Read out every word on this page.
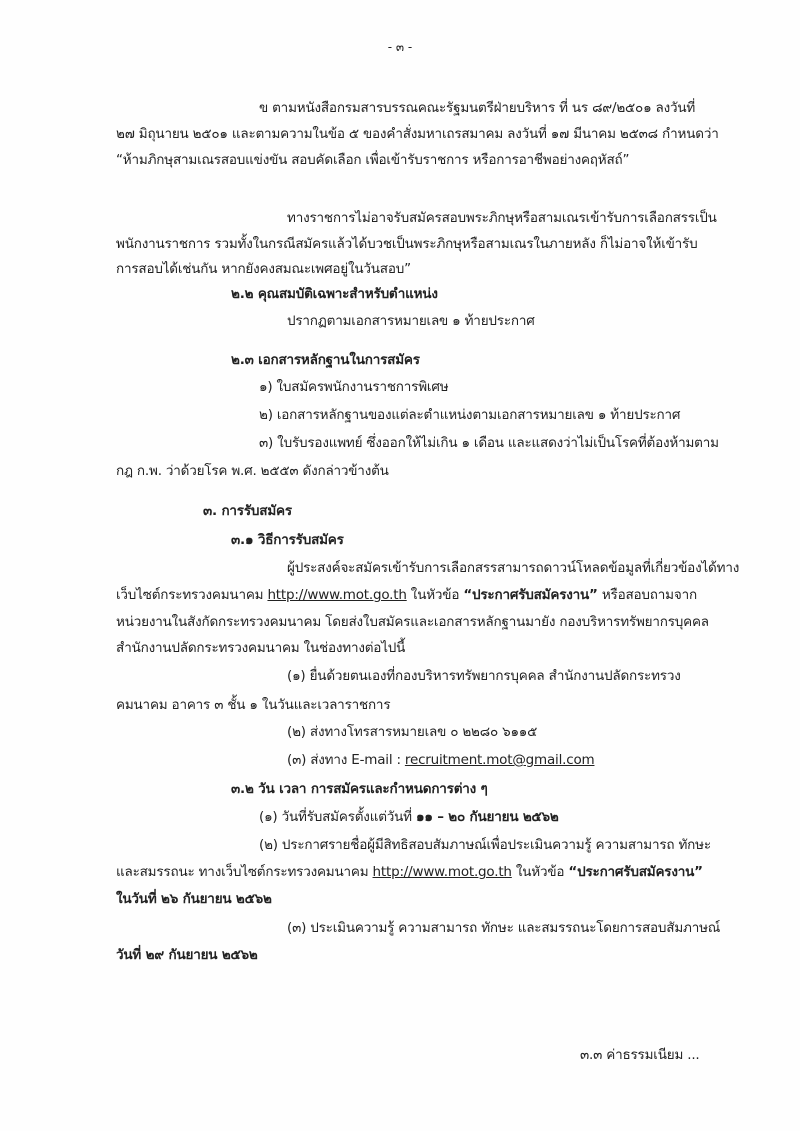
- ๓ -
ข ตามหนังสือกรมสารบรรณคณะรัฐมนตรีฝ่ายบริหาร ที่ นร ๘๙/๒๕๐๑ ลงวันที่
๒๗ มิถุนายน ๒๕๐๑ และตามความในข้อ ๕ ของคำสั่งมหาเถรสมาคม ลงวันที่ ๑๗ มีนาคม ๒๕๓๘ กำหนดว่า
“ห้ามภิกษุสามเณรสอบแข่งขัน สอบคัดเลือก เพื่อเข้ารับราชการ หรือการอาชีพอย่างคฤหัสถ์”
ทางราชการไม่อาจรับสมัครสอบพระภิกษุหรือสามเณรเข้ารับการเลือกสรรเป็น
พนักงานราชการ รวมทั้งในกรณีสมัครแล้วได้บวชเป็นพระภิกษุหรือสามเณรในภายหลัง ก็ไม่อาจให้เข้ารับ
การสอบได้เช่นกัน หากยังคงสมณะเพศอยู่ในวันสอบ”
๒.๒ คุณสมบัติเฉพาะสำหรับตำแหน่ง
ปรากฏตามเอกสารหมายเลข ๑ ท้ายประกาศ
๒.๓ เอกสารหลักฐานในการสมัคร
๑) ใบสมัครพนักงานราชการพิเศษ
๒) เอกสารหลักฐานของแต่ละตำแหน่งตามเอกสารหมายเลข ๑ ท้ายประกาศ
๓) ใบรับรองแพทย์ ซึ่งออกให้ไม่เกิน ๑ เดือน และแสดงว่าไม่เป็นโรคที่ต้องห้ามตาม
กฎ ก.พ. ว่าด้วยโรค พ.ศ. ๒๕๕๓ ดังกล่าวข้างต้น
๓. การรับสมัคร
๓.๑ วิธีการรับสมัคร
ผู้ประสงค์จะสมัครเข้ารับการเลือกสรรสามารถดาวน์โหลดข้อมูลที่เกี่ยวข้องได้ทาง
เว็บไซต์กระทรวงคมนาคม http://www.mot.go.th ในหัวข้อ “ประกาศรับสมัครงาน” หรือสอบถามจาก
หน่วยงานในสังกัดกระทรวงคมนาคม โดยส่งใบสมัครและเอกสารหลักฐานมายัง กองบริหารทรัพยากรบุคคล
สำนักงานปลัดกระทรวงคมนาคม ในช่องทางต่อไปนี้
(๑) ยื่นด้วยตนเองที่กองบริหารทรัพยากรบุคคล สำนักงานปลัดกระทรวง
คมนาคม อาคาร ๓ ชั้น ๑ ในวันและเวลาราชการ
(๒) ส่งทางโทรสารหมายเลข ๐ ๒๒๘๐ ๖๑๑๕
(๓) ส่งทาง E-mail : recruitment.mot@gmail.com
๓.๒ วัน เวลา การสมัครและกำหนดการต่าง ๆ
(๑) วันที่รับสมัครตั้งแต่วันที่ ๑๑ – ๒๐ กันยายน ๒๕๖๒
(๒) ประกาศรายชื่อผู้มีสิทธิสอบสัมภาษณ์เพื่อประเมินความรู้ ความสามารถ ทักษะ
และสมรรถนะ ทางเว็บไซต์กระทรวงคมนาคม http://www.mot.go.th ในหัวข้อ “ประกาศรับสมัครงาน”
ในวันที่ ๒๖ กันยายน ๒๕๖๒
(๓) ประเมินความรู้ ความสามารถ ทักษะ และสมรรถนะโดยการสอบสัมภาษณ์
วันที่ ๒๙ กันยายน ๒๕๖๒
๓.๓ ค่าธรรมเนียม ...
